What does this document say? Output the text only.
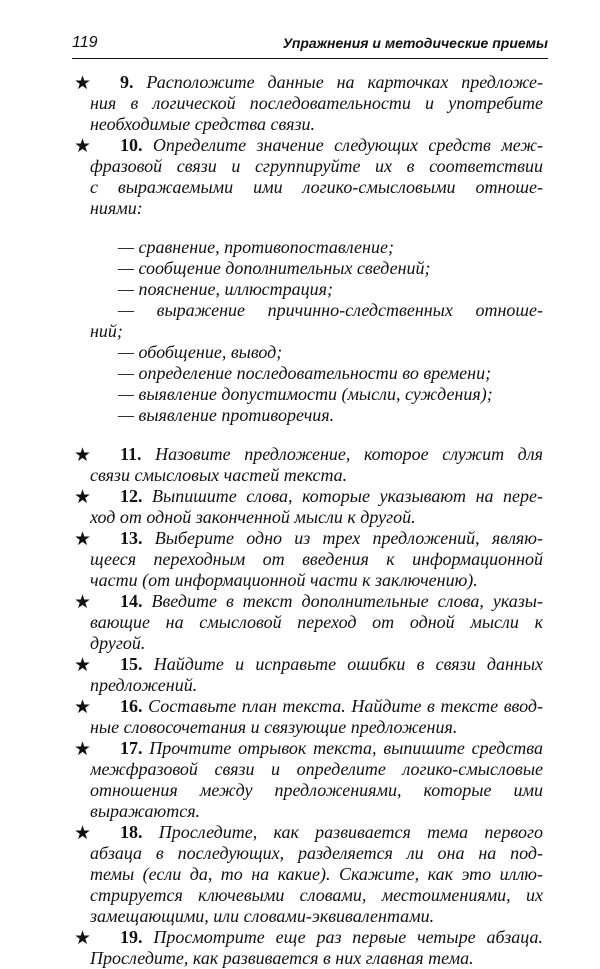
119	Упражнения и методические приемы
★	9. Расположите данные на карточках предложе-
ния в логической последовательности и употребите
необходимые средства связи.
★	10. Определите значение следующих средств меж-
фразовой связи и сгруппируйте их в соответствии
с выражаемыми ими логико-смысловыми отноше-
ниями:
— сравнение, противопоставление;
— сообщение дополнительных сведений;
— пояснение, иллюстрация;
— выражение причинно-следственных отноше-
ний;
— обобщение, вывод;
— определение последовательности во времени;
— выявление допустимости (мысли, суждения);
— выявление противоречия.
★	11. Назовите предложение, которое служит для
связи смысловых частей текста.
★	12. Выпишите слова, которые указывают на пере-
ход от одной законченной мысли к другой.
★	13. Выберите одно из трех предложений, являю-
щееся переходным от введения к информационной
части (от информационной части к заключению).
★	14. Введите в текст дополнительные слова, указы-
вающие на смысловой переход от одной мысли к
другой.
★	15. Найдите и исправьте ошибки в связи данных
предложений.
★	16. Составьте план текста. Найдите в тексте ввод-
ные словосочетания и связующие предложения.
★	17. Прочтите отрывок текста, выпишите средства
межфразовой связи и определите логико-смысловые
отношения между предложениями, которые ими
выражаются.
★	18. Проследите, как развивается тема первого
абзаца в последующих, разделяется ли она на под-
темы (если да, то на какие). Скажите, как это иллю-
стрируется ключевыми словами, местоимениями, их
замещающими, или словами-эквивалентами.
★	19. Просмотрите еще раз первые четыре абзаца.
Проследите, как развивается в них главная тема.
